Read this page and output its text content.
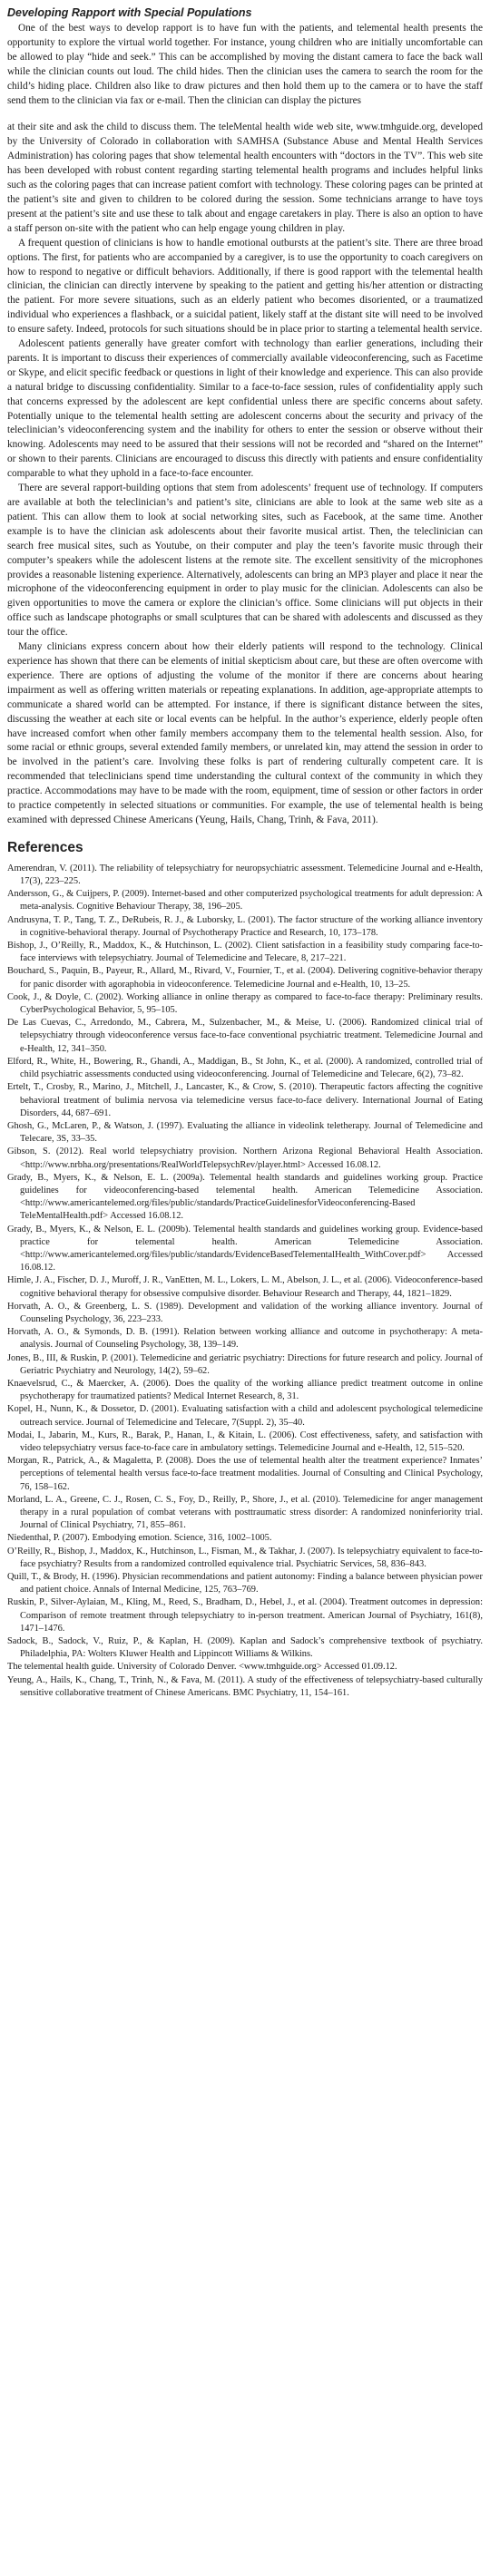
Developing Rapport with Special Populations

One of the best ways to develop rapport is to have fun with the patients, and telemental health presents the opportunity to explore the virtual world together. For instance, young children who are initially uncomfortable can be allowed to play “hide and seek.” This can be accomplished by moving the distant camera to face the back wall while the clinician counts out loud. The child hides. Then the clinician uses the camera to search the room for the child’s hiding place. Children also like to draw pictures and then hold them up to the camera or to have the staff send them to the clinician via fax or e-mail. Then the clinician can display the pictures

at their site and ask the child to discuss them. The teleMental health wide web site, www.tmhguide.org, developed by the University of Colorado in collaboration with SAMHSA (Substance Abuse and Mental Health Services Administration) has coloring pages that show telemental health encounters with “doctors in the TV”. This web site has been developed with robust content regarding starting telemental health programs and includes helpful links such as the coloring pages that can increase patient comfort with technology. These coloring pages can be printed at the patient’s site and given to children to be colored during the session. Some technicians arrange to have toys present at the patient’s site and use these to talk about and engage caretakers in play. There is also an option to have a staff person on-site with the patient who can help engage young children in play.

A frequent question of clinicians is how to handle emotional outbursts at the patient’s site. There are three broad options. The first, for patients who are accompanied by a caregiver, is to use the opportunity to coach caregivers on how to respond to negative or difficult behaviors. Additionally, if there is good rapport with the telemental health clinician, the clinician can directly intervene by speaking to the patient and getting his/her attention or distracting the patient. For more severe situations, such as an elderly patient who becomes disoriented, or a traumatized individual who experiences a flashback, or a suicidal patient, likely staff at the distant site will need to be involved to ensure safety. Indeed, protocols for such situations should be in place prior to starting a telemental health service.

Adolescent patients generally have greater comfort with technology than earlier generations, including their parents. It is important to discuss their experiences of commercially available videoconferencing, such as Facetime or Skype, and elicit specific feedback or questions in light of their knowledge and experience. This can also provide a natural bridge to discussing confidentiality. Similar to a face-to-face session, rules of confidentiality apply such that concerns expressed by the adolescent are kept confidential unless there are specific concerns about safety. Potentially unique to the telemental health setting are adolescent concerns about the security and privacy of the teleclinician’s videoconferencing system and the inability for others to enter the session or observe without their knowing. Adolescents may need to be assured that their sessions will not be recorded and “shared on the Internet” or shown to their parents. Clinicians are encouraged to discuss this directly with patients and ensure confidentiality comparable to what they uphold in a face-to-face encounter.

There are several rapport-building options that stem from adolescents’ frequent use of technology. If computers are available at both the teleclinician’s and patient’s site, clinicians are able to look at the same web site as a patient. This can allow them to look at social networking sites, such as Facebook, at the same time. Another example is to have the clinician ask adolescents about their favorite musical artist. Then, the teleclinician can search free musical sites, such as Youtube, on their computer and play the teen’s favorite music through their computer’s speakers while the adolescent listens at the remote site. The excellent sensitivity of the microphones provides a reasonable listening experience. Alternatively, adolescents can bring an MP3 player and place it near the microphone of the videoconferencing equipment in order to play music for the clinician. Adolescents can also be given opportunities to move the camera or explore the clinician’s office. Some clinicians will put objects in their office such as landscape photographs or small sculptures that can be shared with adolescents and discussed as they tour the office.

Many clinicians express concern about how their elderly patients will respond to the technology. Clinical experience has shown that there can be elements of initial skepticism about care, but these are often overcome with experience. There are options of adjusting the volume of the monitor if there are concerns about hearing impairment as well as offering written materials or repeating explanations. In addition, age-appropriate attempts to communicate a shared world can be attempted. For instance, if there is significant distance between the sites, discussing the weather at each site or local events can be helpful. In the author’s experience, elderly people often have increased comfort when other family members accompany them to the telemental health session. Also, for some racial or ethnic groups, several extended family members, or unrelated kin, may attend the session in order to be involved in the patient’s care. Involving these folks is part of rendering culturally competent care. It is recommended that teleclinicians spend time understanding the cultural context of the community in which they practice. Accommodations may have to be made with the room, equipment, time of session or other factors in order to practice competently in selected situations or communities. For example, the use of telemental health is being examined with depressed Chinese Americans (Yeung, Hails, Chang, Trinh, & Fava, 2011).

References

Amerendran, V. (2011). The reliability of telepsychiatry for neuropsychiatric assessment. Telemedicine Journal and e-Health, 17(3), 223–225.

Andersson, G., & Cuijpers, P. (2009). Internet-based and other computerized psychological treatments for adult depression: A meta-analysis. Cognitive Behaviour Therapy, 38, 196–205.

Andrusyna, T. P., Tang, T. Z., DeRubeis, R. J., & Luborsky, L. (2001). The factor structure of the working alliance inventory in cognitive-behavioral therapy. Journal of Psychotherapy Practice and Research, 10, 173–178.

Bishop, J., O’Reilly, R., Maddox, K., & Hutchinson, L. (2002). Client satisfaction in a feasibility study comparing face-to-face interviews with telepsychiatry. Journal of Telemedicine and Telecare, 8, 217–221.

Bouchard, S., Paquin, B., Payeur, R., Allard, M., Rivard, V., Fournier, T., et al. (2004). Delivering cognitive-behavior therapy for panic disorder with agoraphobia in videoconference. Telemedicine Journal and e-Health, 10, 13–25.

Cook, J., & Doyle, C. (2002). Working alliance in online therapy as compared to face-to-face therapy: Preliminary results. CyberPsychological Behavior, 5, 95–105.

De Las Cuevas, C., Arredondo, M., Cabrera, M., Sulzenbacher, M., & Meise, U. (2006). Randomized clinical trial of telepsychiatry through videoconference versus face-to-face conventional psychiatric treatment. Telemedicine Journal and e-Health, 12, 341–350.

Elford, R., White, H., Bowering, R., Ghandi, A., Maddigan, B., St John, K., et al. (2000). A randomized, controlled trial of child psychiatric assessments conducted using videoconferencing. Journal of Telemedicine and Telecare, 6(2), 73–82.

Ertelt, T., Crosby, R., Marino, J., Mitchell, J., Lancaster, K., & Crow, S. (2010). Therapeutic factors affecting the cognitive behavioral treatment of bulimia nervosa via telemedicine versus face-to-face delivery. International Journal of Eating Disorders, 44, 687–691.

Ghosh, G., McLaren, P., & Watson, J. (1997). Evaluating the alliance in videolink teletherapy. Journal of Telemedicine and Telecare, 3S, 33–35.

Gibson, S. (2012). Real world telepsychiatry provision. Northern Arizona Regional Behavioral Health Association. <http://www.nrbha.org/presentations/RealWorldTelepsychRev/player.html> Accessed 16.08.12.

Grady, B., Myers, K., & Nelson, E. L. (2009a). Telemental health standards and guidelines working group. Practice guidelines for videoconferencing-based telemental health. American Telemedicine Association. <http://www.americantelemed.org/files/public/standards/PracticeGuidelinesforVideoconferencing-Based TeleMentalHealth.pdf> Accessed 16.08.12.

Grady, B., Myers, K., & Nelson, E. L. (2009b). Telemental health standards and guidelines working group. Evidence-based practice for telemental health. American Telemedicine Association. <http://www.americantelemed.org/files/public/standards/EvidenceBasedTelementalHealth_WithCover.pdf> Accessed 16.08.12.

Himle, J. A., Fischer, D. J., Muroff, J. R., VanEtten, M. L., Lokers, L. M., Abelson, J. L., et al. (2006). Videoconference-based cognitive behavioral therapy for obsessive compulsive disorder. Behaviour Research and Therapy, 44, 1821–1829.

Horvath, A. O., & Greenberg, L. S. (1989). Development and validation of the working alliance inventory. Journal of Counseling Psychology, 36, 223–233.

Horvath, A. O., & Symonds, D. B. (1991). Relation between working alliance and outcome in psychotherapy: A meta-analysis. Journal of Counseling Psychology, 38, 139–149.

Jones, B., III, & Ruskin, P. (2001). Telemedicine and geriatric psychiatry: Directions for future research and policy. Journal of Geriatric Psychiatry and Neurology, 14(2), 59–62.

Knaevelsrud, C., & Maercker, A. (2006). Does the quality of the working alliance predict treatment outcome in online psychotherapy for traumatized patients? Medical Internet Research, 8, 31.

Kopel, H., Nunn, K., & Dossetor, D. (2001). Evaluating satisfaction with a child and adolescent psychological telemedicine outreach service. Journal of Telemedicine and Telecare, 7(Suppl. 2), 35–40.

Modai, I., Jabarin, M., Kurs, R., Barak, P., Hanan, I., & Kitain, L. (2006). Cost effectiveness, safety, and satisfaction with video telepsychiatry versus face-to-face care in ambulatory settings. Telemedicine Journal and e-Health, 12, 515–520.

Morgan, R., Patrick, A., & Magaletta, P. (2008). Does the use of telemental health alter the treatment experience? Inmates’ perceptions of telemental health versus face-to-face treatment modalities. Journal of Consulting and Clinical Psychology, 76, 158–162.

Morland, L. A., Greene, C. J., Rosen, C. S., Foy, D., Reilly, P., Shore, J., et al. (2010). Telemedicine for anger management therapy in a rural population of combat veterans with posttraumatic stress disorder: A randomized noninferiority trial. Journal of Clinical Psychiatry, 71, 855–861.

Niedenthal, P. (2007). Embodying emotion. Science, 316, 1002–1005.

O’Reilly, R., Bishop, J., Maddox, K., Hutchinson, L., Fisman, M., & Takhar, J. (2007). Is telepsychiatry equivalent to face-to-face psychiatry? Results from a randomized controlled equivalence trial. Psychiatric Services, 58, 836–843.

Quill, T., & Brody, H. (1996). Physician recommendations and patient autonomy: Finding a balance between physician power and patient choice. Annals of Internal Medicine, 125, 763–769.

Ruskin, P., Silver-Aylaian, M., Kling, M., Reed, S., Bradham, D., Hebel, J., et al. (2004). Treatment outcomes in depression: Comparison of remote treatment through telepsychiatry to in-person treatment. American Journal of Psychiatry, 161(8), 1471–1476.

Sadock, B., Sadock, V., Ruiz, P., & Kaplan, H. (2009). Kaplan and Sadock’s comprehensive textbook of psychiatry. Philadelphia, PA: Wolters Kluwer Health and Lippincott Williams & Wilkins.

The telemental health guide. University of Colorado Denver. <www.tmhguide.org> Accessed 01.09.12.

Yeung, A., Hails, K., Chang, T., Trinh, N., & Fava, M. (2011). A study of the effectiveness of telepsychiatry-based culturally sensitive collaborative treatment of Chinese Americans. BMC Psychiatry, 11, 154–161.
